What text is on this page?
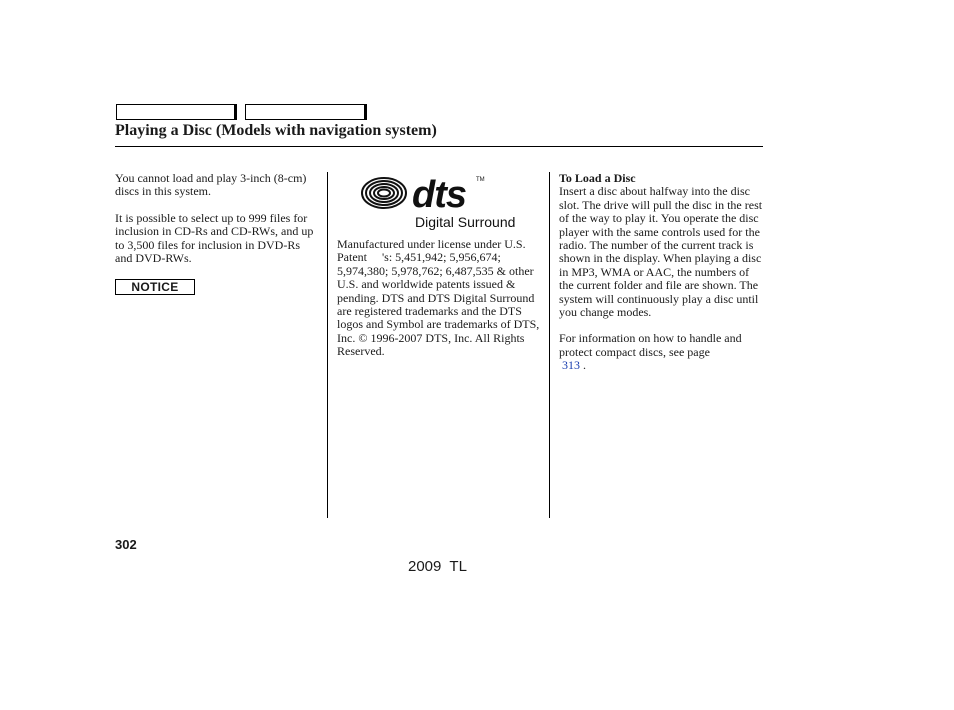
Playing a Disc (Models with navigation system)

You cannot load and play 3-inch (8-cm) discs in this system.

It is possible to select up to 999 files for inclusion in CD-Rs and CD-RWs, and up to 3,500 files for inclusion in DVD-Rs and DVD-RWs.

NOTICE
dts TM
Digital Surround

Manufactured under license under U.S. Patent     's: 5,451,942; 5,956,674; 5,974,380; 5,978,762; 6,487,535 & other U.S. and worldwide patents issued & pending. DTS and DTS Digital Surround are registered trademarks and the DTS logos and Symbol are trademarks of DTS, Inc. © 1996-2007 DTS, Inc. All Rights Reserved.

To Load a Disc

Insert a disc about halfway into the disc slot. The drive will pull the disc in the rest of the way to play it. You operate the disc player with the same controls used for the radio. The number of the current track is shown in the display. When playing a disc in MP3, WMA or AAC, the numbers of the current folder and file are shown. The system will continuously play a disc until you change modes.

For information on how to handle and protect compact discs, see page
313 .

302
2009  TL
